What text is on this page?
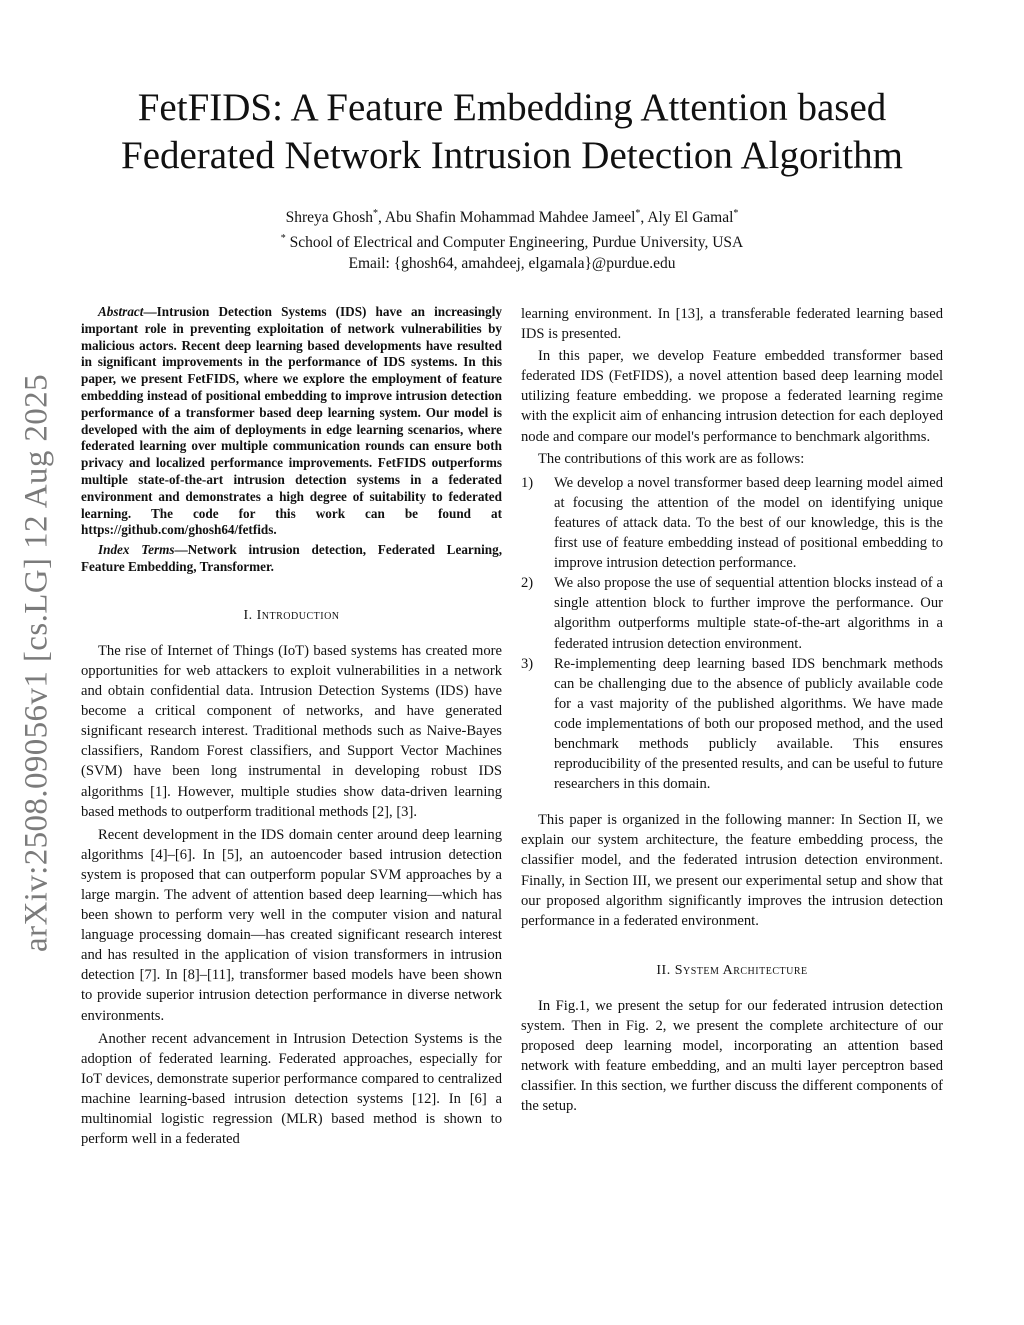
arXiv:2508.09056v1 [cs.LG] 12 Aug 2025
FetFIDS: A Feature Embedding Attention based
Federated Network Intrusion Detection Algorithm
Shreya Ghosh*, Abu Shafin Mohammad Mahdee Jameel*, Aly El Gamal*
* School of Electrical and Computer Engineering, Purdue University, USA
Email: {ghosh64, amahdeej, elgamala}@purdue.edu

Abstract—Intrusion Detection Systems (IDS) have an increasingly important role in preventing exploitation of network vulnerabilities by malicious actors. Recent deep learning based developments have resulted in significant improvements in the performance of IDS systems. In this paper, we present FetFIDS, where we explore the employment of feature embedding instead of positional embedding to improve intrusion detection performance of a transformer based deep learning system. Our model is developed with the aim of deployments in edge learning scenarios, where federated learning over multiple communication rounds can ensure both privacy and localized performance improvements. FetFIDS outperforms multiple state-of-the-art intrusion detection systems in a federated environment and demonstrates a high degree of suitability to federated learning. The code for this work can be found at https://github.com/ghosh64/fetfids.

Index Terms—Network intrusion detection, Federated Learning, Feature Embedding, Transformer.

I. Introduction

The rise of Internet of Things (IoT) based systems has created more opportunities for web attackers to exploit vulnerabilities in a network and obtain confidential data. Intrusion Detection Systems (IDS) have become a critical component of networks, and have generated significant research interest. Traditional methods such as Naive-Bayes classifiers, Random Forest classifiers, and Support Vector Machines (SVM) have been long instrumental in developing robust IDS algorithms [1]. However, multiple studies show data-driven learning based methods to outperform traditional methods [2], [3].

Recent development in the IDS domain center around deep learning algorithms [4]–[6]. In [5], an autoencoder based intrusion detection system is proposed that can outperform popular SVM approaches by a large margin. The advent of attention based deep learning—which has been shown to perform very well in the computer vision and natural language processing domain—has created significant research interest and has resulted in the application of vision transformers in intrusion detection [7]. In [8]–[11], transformer based models have been shown to provide superior intrusion detection performance in diverse network environments.

Another recent advancement in Intrusion Detection Systems is the adoption of federated learning. Federated approaches, especially for IoT devices, demonstrate superior performance compared to centralized machine learning-based intrusion detection systems [12]. In [6] a multinomial logistic regression (MLR) based method is shown to perform well in a federated

learning environment. In [13], a transferable federated learning based IDS is presented.

In this paper, we develop Feature embedded transformer based federated IDS (FetFIDS), a novel attention based deep learning model utilizing feature embedding. we propose a federated learning regime with the explicit aim of enhancing intrusion detection for each deployed node and compare our model's performance to benchmark algorithms.

The contributions of this work are as follows:

1) We develop a novel transformer based deep learning model aimed at focusing the attention of the model on identifying unique features of attack data. To the best of our knowledge, this is the first use of feature embedding instead of positional embedding to improve intrusion detection performance.
2) We also propose the use of sequential attention blocks instead of a single attention block to further improve the performance. Our algorithm outperforms multiple state-of-the-art algorithms in a federated intrusion detection environment.
3) Re-implementing deep learning based IDS benchmark methods can be challenging due to the absence of publicly available code for a vast majority of the published algorithms. We have made code implementations of both our proposed method, and the used benchmark methods publicly available. This ensures reproducibility of the presented results, and can be useful to future researchers in this domain.

This paper is organized in the following manner: In Section II, we explain our system architecture, the feature embedding process, the classifier model, and the federated intrusion detection environment. Finally, in Section III, we present our experimental setup and show that our proposed algorithm significantly improves the intrusion detection performance in a federated environment.

II. System Architecture

In Fig.1, we present the setup for our federated intrusion detection system. Then in Fig. 2, we present the complete architecture of our proposed deep learning model, incorporating an attention based network with feature embedding, and an multi layer perceptron based classifier. In this section, we further discuss the different components of the setup.
